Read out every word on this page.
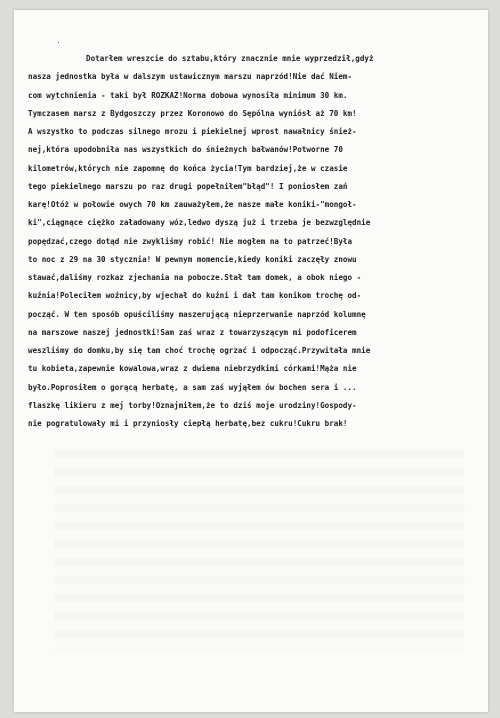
Dotarłem wreszcie do sztabu,który znacznie mnie wyprzedził,gdyż
nasza jednostka była w dalszym ustawicznym marszu naprzód!Nie dać Niem-
com wytchnienia - taki był ROZKAZ!Norma dobowa wynosiła minimum 30 km.
Tymczasem marsz z Bydgoszczy przez Koronowo do Sępólna wyniósł aż 70 km!
A wszystko to podczas silnego mrozu i piekielnej wprost nawałnicy śnież-
nej,która upodobniła nas wszystkich do śnieżnych bałwanów!Potworne 70
kilometrów,których nie zapomnę do końca życia!Tym bardziej,że w czasie
tego piekielnego marszu po raz drugi popełniłem"błąd"! I poniosłem zań
karę!Otóż w połowie owych 70 km zauważyłem,że nasze małe koniki-"mongoł-
ki",ciągnące ciężko załadowany wóz,ledwo dyszą już i trzeba je bezwzględnie
popędzać,czego dotąd nie zwykliśmy robić! Nie mogłem na to patrzeć!Była
to noc z 29 na 30 stycznia! W pewnym momencie,kiedy koniki zaczęły znowu
stawać,daliśmy rozkaz zjechania na pobocze.Stał tam domek, a obok niego -
kuźnia!Poleciłem woźnicy,by wjechał do kuźni i dał tam konikom trochę od-
począć. W ten sposób opuściliśmy maszerującą nieprzerwanie naprzód kolumnę
na marszowe naszej jednostki!Sam zaś wraz z towarzyszącym mi podoficerem
weszliśmy do domku,by się tam choć trochę ogrzać i odpocząć.Przywitała mnie
tu kobieta,zapewnie kowalowa,wraz z dwiema niebrzydkimi córkami!Mąża nie
było.Poprosiłem o gorącą herbatę, a sam zaś wyjąłem ów bochen sera i ...
flaszkę likieru z mej torby!Oznajmiłem,że to dziś moje urodziny!Gospody-
nie pogratulowały mi i przyniosły ciepłą herbatę,bez cukru!Cukru brak!
